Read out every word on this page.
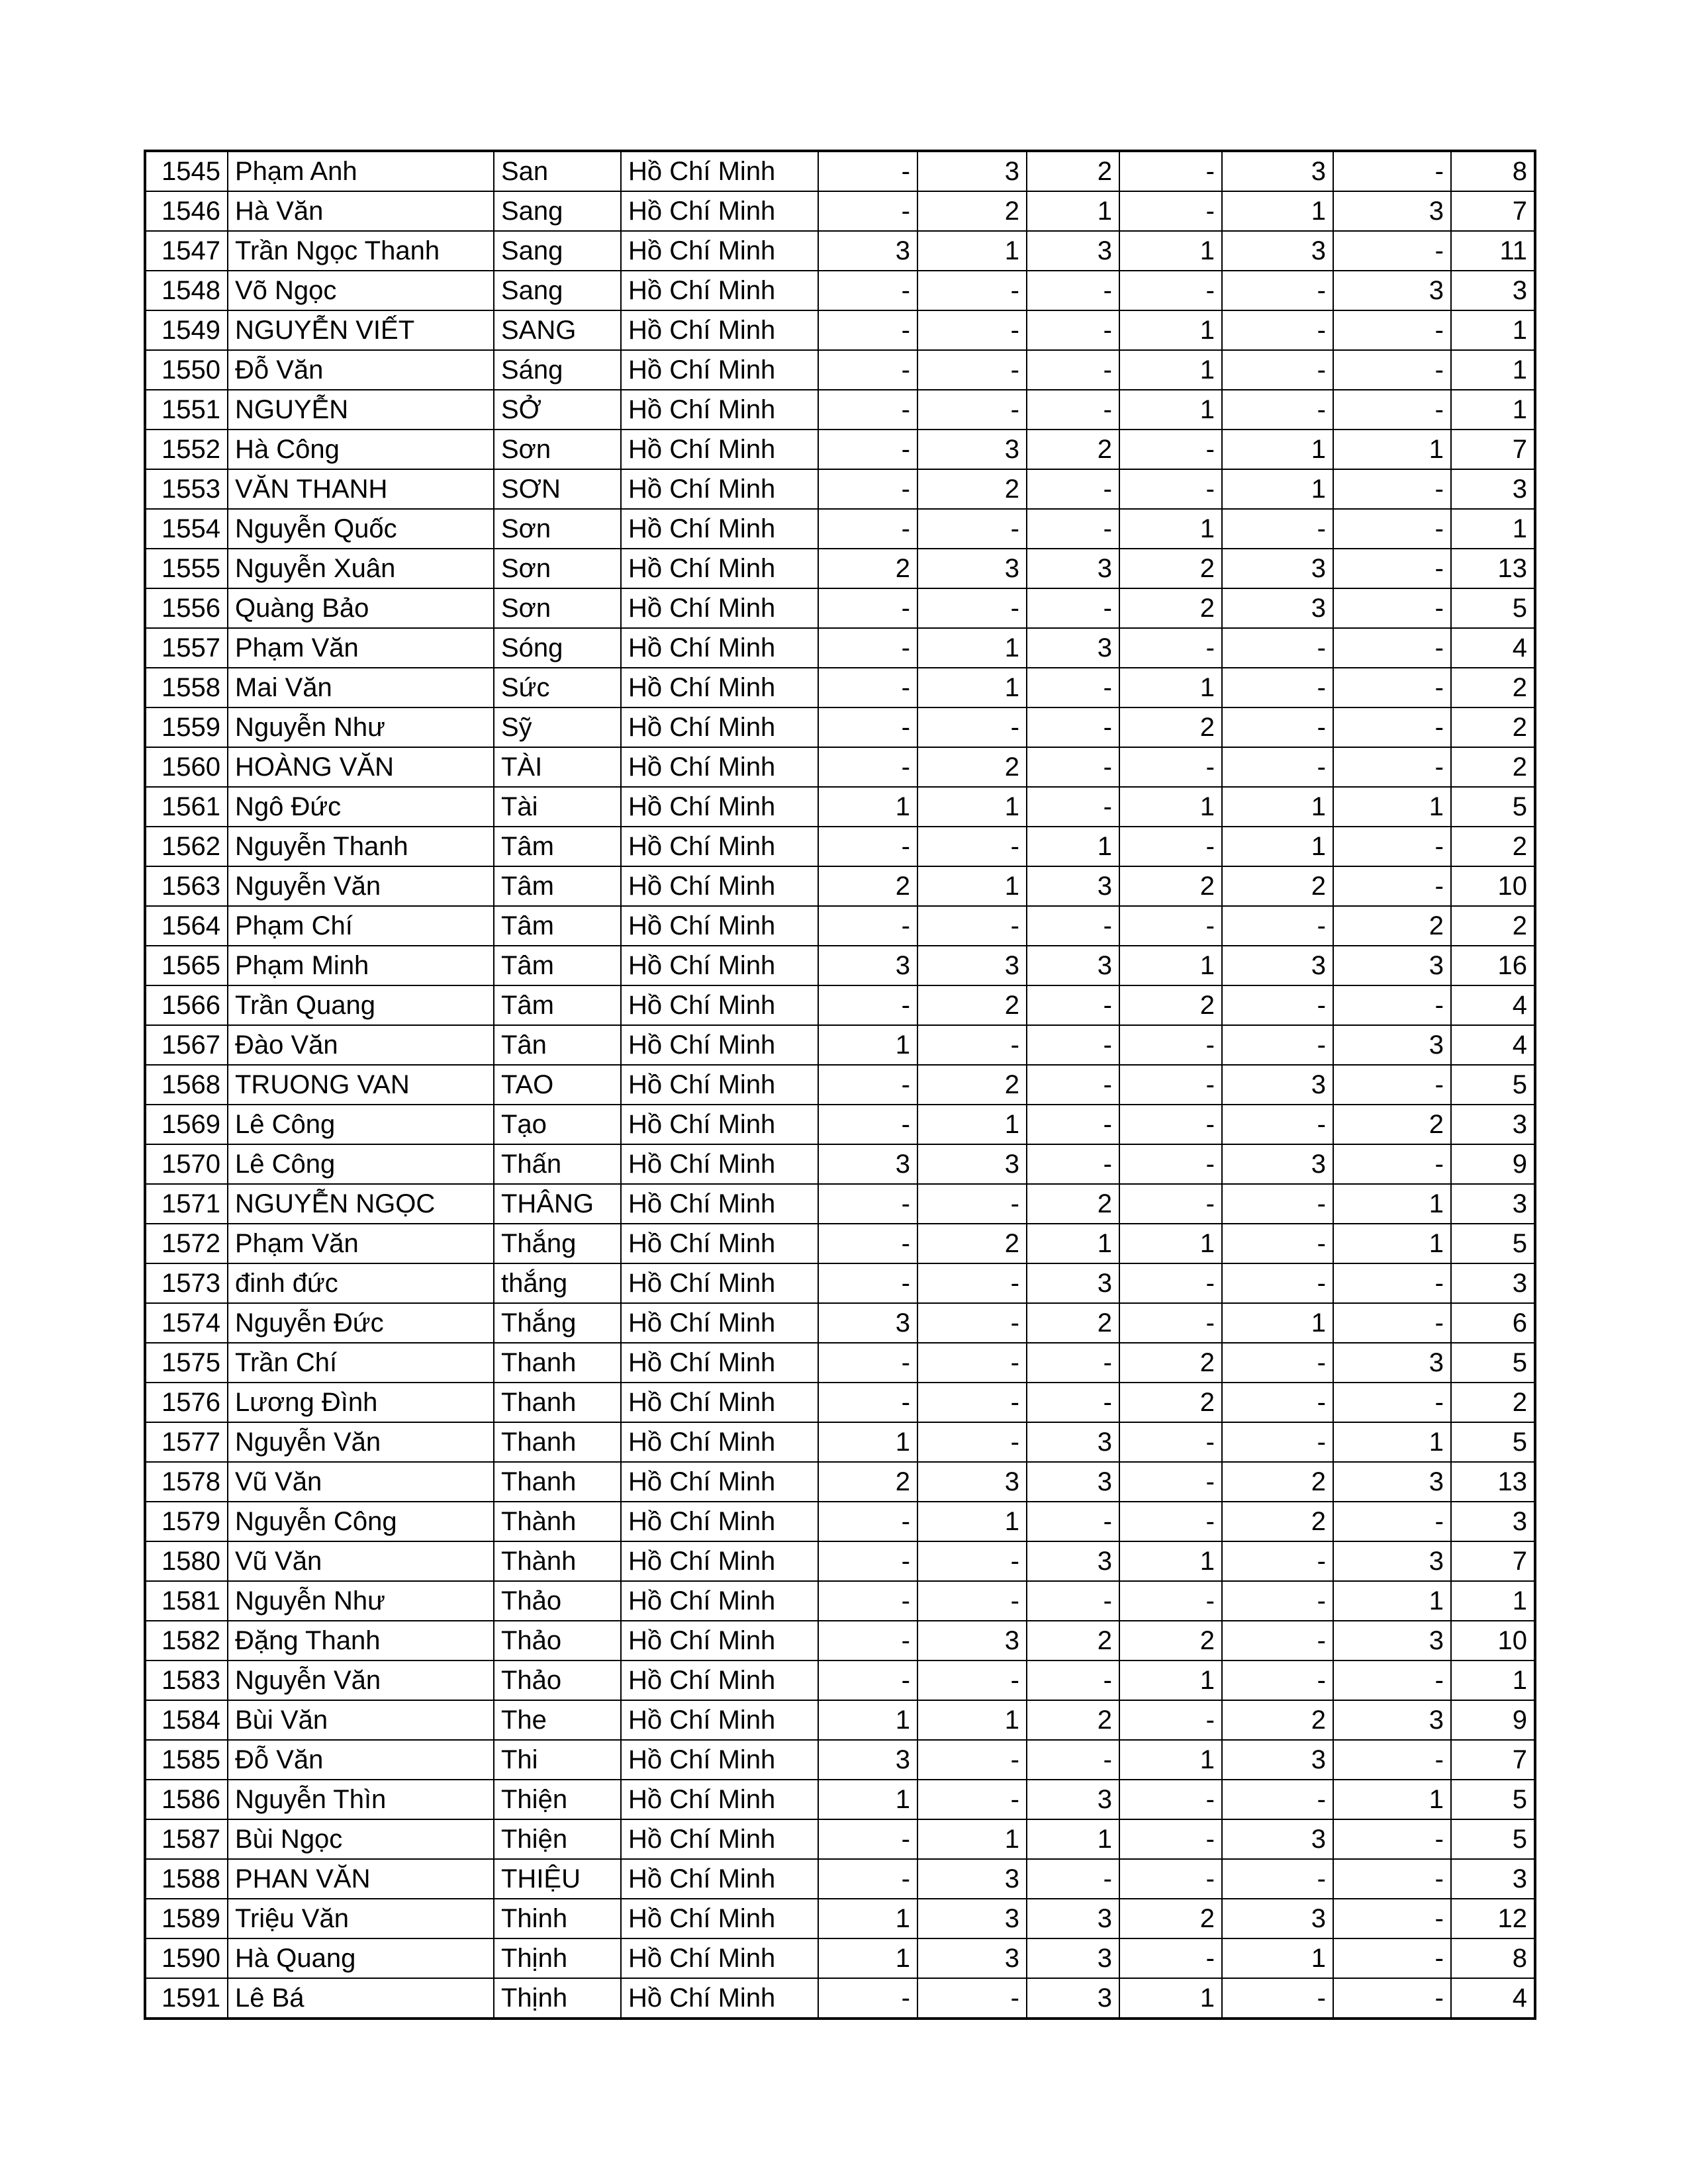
1545	Phạm Anh	San	Hồ Chí Minh	-	3	2	-	3	-	8
1546	Hà Văn	Sang	Hồ Chí Minh	-	2	1	-	1	3	7
1547	Trần Ngọc Thanh	Sang	Hồ Chí Minh	3	1	3	1	3	-	11
1548	Võ Ngọc	Sang	Hồ Chí Minh	-	-	-	-	-	3	3
1549	NGUYỄN VIẾT	SANG	Hồ Chí Minh	-	-	-	1	-	-	1
1550	Đỗ Văn	Sáng	Hồ Chí Minh	-	-	-	1	-	-	1
1551	NGUYỄN	SỞ	Hồ Chí Minh	-	-	-	1	-	-	1
1552	Hà Công	Sơn	Hồ Chí Minh	-	3	2	-	1	1	7
1553	VĂN THANH	SƠN	Hồ Chí Minh	-	2	-	-	1	-	3
1554	Nguyễn Quốc	Sơn	Hồ Chí Minh	-	-	-	1	-	-	1
1555	Nguyễn Xuân	Sơn	Hồ Chí Minh	2	3	3	2	3	-	13
1556	Quàng Bảo	Sơn	Hồ Chí Minh	-	-	-	2	3	-	5
1557	Phạm Văn	Sóng	Hồ Chí Minh	-	1	3	-	-	-	4
1558	Mai Văn	Sức	Hồ Chí Minh	-	1	-	1	-	-	2
1559	Nguyễn Như	Sỹ	Hồ Chí Minh	-	-	-	2	-	-	2
1560	HOÀNG VĂN	TÀI	Hồ Chí Minh	-	2	-	-	-	-	2
1561	Ngô Đức	Tài	Hồ Chí Minh	1	1	-	1	1	1	5
1562	Nguyễn Thanh	Tâm	Hồ Chí Minh	-	-	1	-	1	-	2
1563	Nguyễn Văn	Tâm	Hồ Chí Minh	2	1	3	2	2	-	10
1564	Phạm Chí	Tâm	Hồ Chí Minh	-	-	-	-	-	2	2
1565	Phạm Minh	Tâm	Hồ Chí Minh	3	3	3	1	3	3	16
1566	Trần Quang	Tâm	Hồ Chí Minh	-	2	-	2	-	-	4
1567	Đào Văn	Tân	Hồ Chí Minh	1	-	-	-	-	3	4
1568	TRUONG VAN	TAO	Hồ Chí Minh	-	2	-	-	3	-	5
1569	Lê Công	Tạo	Hồ Chí Minh	-	1	-	-	-	2	3
1570	Lê Công	Thấn	Hồ Chí Minh	3	3	-	-	3	-	9
1571	NGUYỄN NGỌC	THÂNG	Hồ Chí Minh	-	-	2	-	-	1	3
1572	Phạm Văn	Thắng	Hồ Chí Minh	-	2	1	1	-	1	5
1573	đinh đức	thắng	Hồ Chí Minh	-	-	3	-	-	-	3
1574	Nguyễn Đức	Thắng	Hồ Chí Minh	3	-	2	-	1	-	6
1575	Trần Chí	Thanh	Hồ Chí Minh	-	-	-	2	-	3	5
1576	Lương Đình	Thanh	Hồ Chí Minh	-	-	-	2	-	-	2
1577	Nguyễn Văn	Thanh	Hồ Chí Minh	1	-	3	-	-	1	5
1578	Vũ Văn	Thanh	Hồ Chí Minh	2	3	3	-	2	3	13
1579	Nguyễn Công	Thành	Hồ Chí Minh	-	1	-	-	2	-	3
1580	Vũ Văn	Thành	Hồ Chí Minh	-	-	3	1	-	3	7
1581	Nguyễn Như	Thảo	Hồ Chí Minh	-	-	-	-	-	1	1
1582	Đặng Thanh	Thảo	Hồ Chí Minh	-	3	2	2	-	3	10
1583	Nguyễn Văn	Thảo	Hồ Chí Minh	-	-	-	1	-	-	1
1584	Bùi Văn	The	Hồ Chí Minh	1	1	2	-	2	3	9
1585	Đỗ Văn	Thi	Hồ Chí Minh	3	-	-	1	3	-	7
1586	Nguyễn Thìn	Thiện	Hồ Chí Minh	1	-	3	-	-	1	5
1587	Bùi Ngọc	Thiện	Hồ Chí Minh	-	1	1	-	3	-	5
1588	PHAN VĂN	THIỆU	Hồ Chí Minh	-	3	-	-	-	-	3
1589	Triệu Văn	Thinh	Hồ Chí Minh	1	3	3	2	3	-	12
1590	Hà Quang	Thịnh	Hồ Chí Minh	1	3	3	-	1	-	8
1591	Lê Bá	Thịnh	Hồ Chí Minh	-	-	3	1	-	-	4
